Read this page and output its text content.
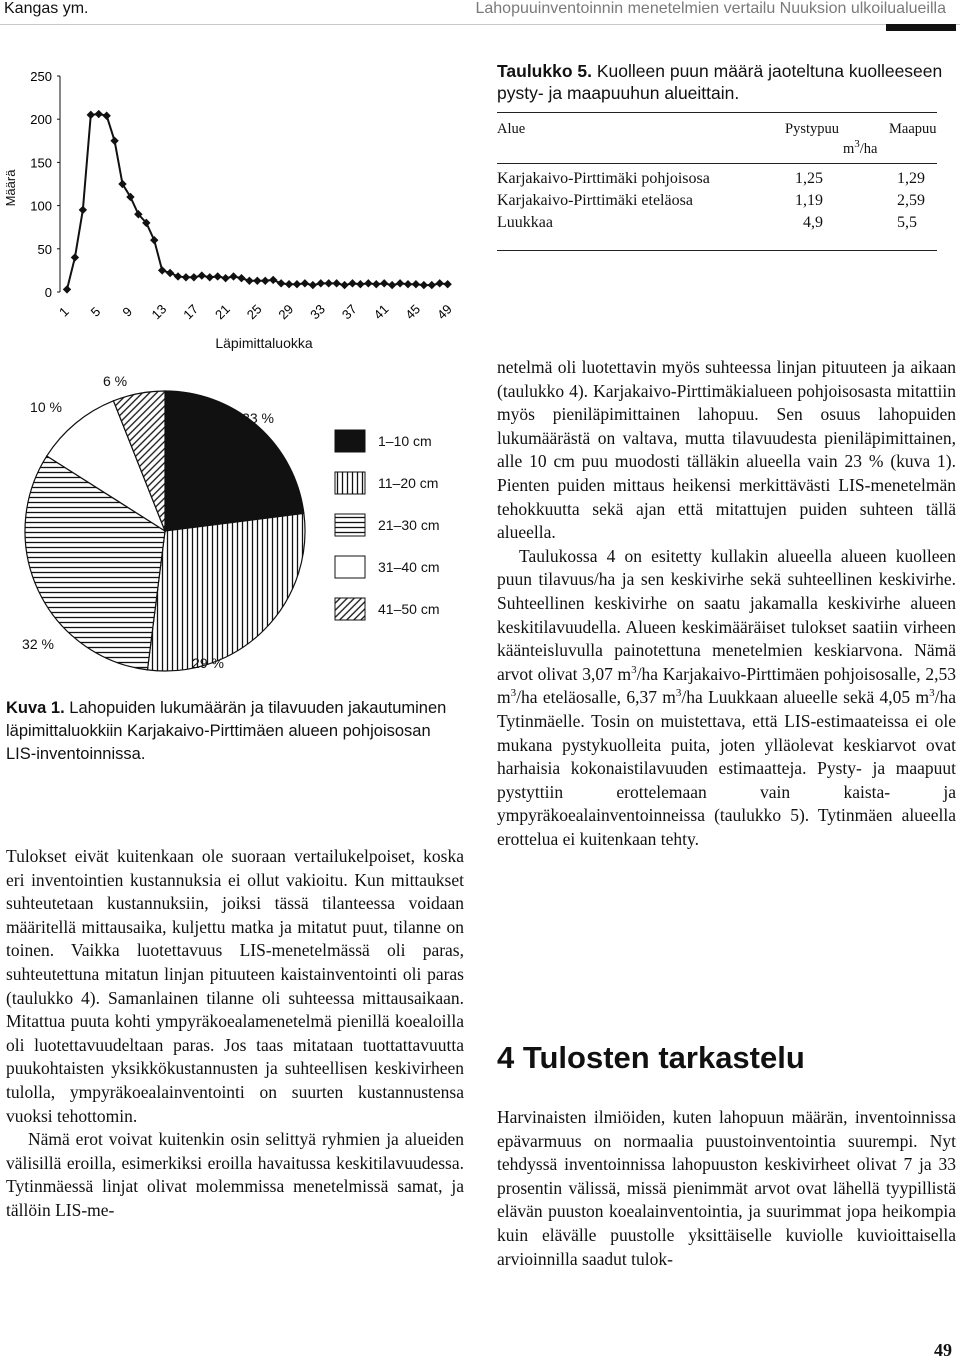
Kangas ym.	Lahopuuinventoinnin menetelmien vertailu Nuuksion ulkoilualueilla
Määrä
Läpimittaluokka
0
50
100
150
200
250
1 5 9 13 17 21 25 29 33 37 41 45 49
23 %
29 %
32 %
10 %
6 %
1–10 cm
11–20 cm
21–30 cm
31–40 cm
41–50 cm
Kuva 1. Lahopuiden lukumäärän ja tilavuuden jakautuminen läpimittaluokkiin Karjakaivo-Pirttimäen alueen pohjoisosan LIS-inventoinnissa.

Taulukko 5. Kuolleen puun määrä jaoteltuna kuolleeseen pysty- ja maapuuhun alueittain.

Alue	Pystypuu	Maapuu
$m^3/ha$
Karjakaivo-Pirttimäki pohjoisosa	1,25	1,29
Karjakaivo-Pirttimäki eteläosa	1,19	2,59
Luukkaa	4,9	5,5

Tulokset eivät kuitenkaan ole suoraan vertailukelpoiset, koska eri inventointien kustannuksia ei ollut vakioitu. Kun mittaukset suhteutetaan kustannuksiin, joiksi tässä tilanteessa voidaan määritellä mittausaika, kuljettu matka ja mitatut puut, tilanne on toinen. Vaikka luotettavuus LIS-menetelmässä oli paras, suhteutettuna mitatun linjan pituuteen kaistainventointi oli paras (taulukko 4). Samanlainen tilanne oli suhteessa mittausaikaan. Mitattua puuta kohti ympyräkoealamenetelmä pienillä koealoilla oli luotettavuudeltaan paras. Jos taas mitataan tuottattavuutta puukohtaisten yksikkökustannusten ja suhteellisen keskivirheen tulolla, ympyräkoealainventointi on suurten kustannustensa vuoksi tehottomin.

Nämä erot voivat kuitenkin osin selittyä ryhmien ja alueiden välisillä eroilla, esimerkiksi eroilla havaitussa keskitilavuudessa. Tytinmäessä linjat olivat molemmissa menetelmissä samat, ja tällöin LIS-me-

netelmä oli luotettavin myös suhteessa linjan pituuteen ja aikaan (taulukko 4). Karjakaivo-Pirttimäkialueen pohjoisosasta mitattiin myös pieniläpimittainen lahopuu. Sen osuus lahopuiden lukumäärästä on valtava, mutta tilavuudesta pieniläpimittainen, alle 10 cm puu muodosti tälläkin alueella vain 23 % (kuva 1). Pienten puiden mittaus heikensi merkittävästi LIS-menetelmän tehokkuutta sekä ajan että mitattujen puiden suhteen tällä alueella.

Taulukossa 4 on esitetty kullakin alueella alueen kuolleen puun tilavuus/ha ja sen keskivirhe sekä suhteellinen keskivirhe. Suhteellinen keskivirhe on saatu jakamalla keskivirhe alueen keskitilavuudella. Alueen keskimääräiset tulokset saatiin virheen käänteisluvulla painotettuna menetelmien keskiarvona. Nämä arvot olivat 3,07 $m^3/ha$ Karjakaivo-Pirttimäen pohjoisosalle, 2,53 $m^3/ha$ eteläosalle, 6,37 $m^3/ha$ Luukkaan alueelle sekä 4,05 $m^3/ha$ Tytinmäelle. Tosin on muistettava, että LIS-estimaateissa ei ole mukana pystykuolleita puita, joten ylläolevat keskiarvot ovat harhaisia kokonaistilavuuden estimaatteja. Pysty- ja maapuut pystyttiin erottelemaan vain kaista- ja ympyräkoealainventoinneissa (taulukko 5). Tytinmäen alueella erottelua ei kuitenkaan tehty.

4 Tulosten tarkastelu

Harvinaisten ilmiöiden, kuten lahopuun määrän, inventoinnissa epävarmuus on normaalia puustoinventointia suurempi. Nyt tehdyssä inventoinnissa lahopuuston keskivirheet olivat 7 ja 33 prosentin välissä, missä pienimmät arvot ovat lähellä tyypillistä elävän puuston koealainventointia, ja suurimmat jopa heikompia kuin elävälle puustolle yksittäiselle kuviolle kuvioittaisella arvioinnilla saadut tulok-

49
